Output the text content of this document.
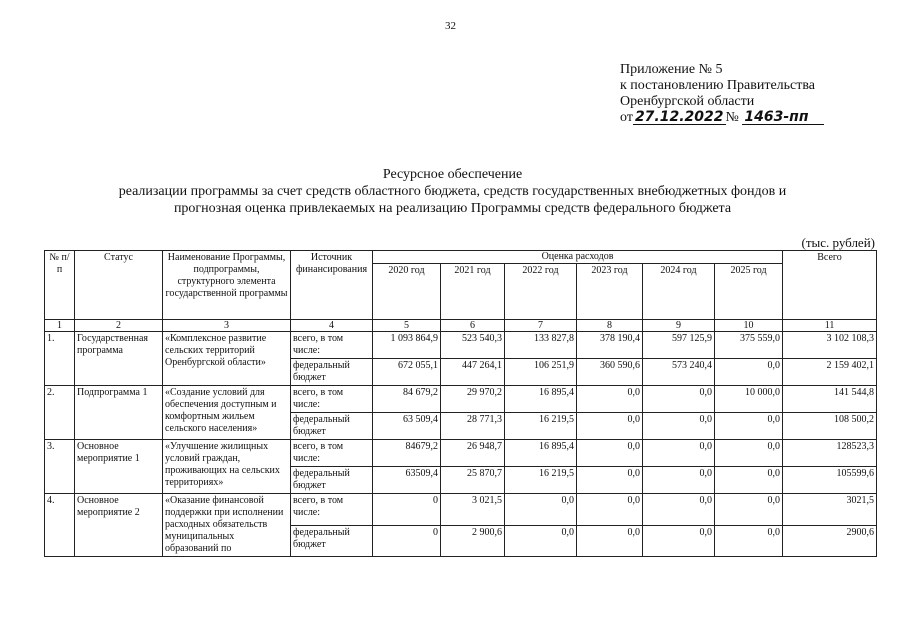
32
Приложение № 5
к постановлению Правительства
Оренбургской области
от 27.12.2022 № 1463-пп
Ресурсное обеспечение
реализации программы за счет средств областного бюджета, средств государственных внебюджетных фондов и
прогнозная оценка привлекаемых на реализацию Программы средств федерального бюджета
(тыс. рублей)
№ п/п	Статус	Наименование Программы, подпрограммы, структурного элемента государственной программы	Источник финансирования	Оценка расходов						Всего
				2020 год	2021 год	2022 год	2023 год	2024 год	2025 год	
1	2	3	4	5	6	7	8	9	10	11
1.	Государственная программа	«Комплексное развитие сельских территорий Оренбургской области»	всего, в том числе:	1 093 864,9	523 540,3	133 827,8	378 190,4	597 125,9	375 559,0	3 102 108,3
			федеральный бюджет	672 055,1	447 264,1	106 251,9	360 590,6	573 240,4	0,0	2 159 402,1
2.	Подпрограмма 1	«Создание условий для обеспечения доступным и комфортным жильем сельского населения»	всего, в том числе:	84 679,2	29 970,2	16 895,4	0,0	0,0	10 000,0	141 544,8
			федеральный бюджет	63 509,4	28 771,3	16 219,5	0,0	0,0	0,0	108 500,2
3.	Основное мероприятие 1	«Улучшение жилищных условий граждан, проживающих на сельских территориях»	всего, в том числе:	84679,2	26 948,7	16 895,4	0,0	0,0	0,0	128523,3
			федеральный бюджет	63509,4	25 870,7	16 219,5	0,0	0,0	0,0	105599,6
4.	Основное мероприятие 2	«Оказание финансовой поддержки при исполнении расходных обязательств муниципальных образований по	всего, в том числе:	0	3 021,5	0,0	0,0	0,0	0,0	3021,5
			федеральный бюджет	0	2 900,6	0,0	0,0	0,0	0,0	2900,6
